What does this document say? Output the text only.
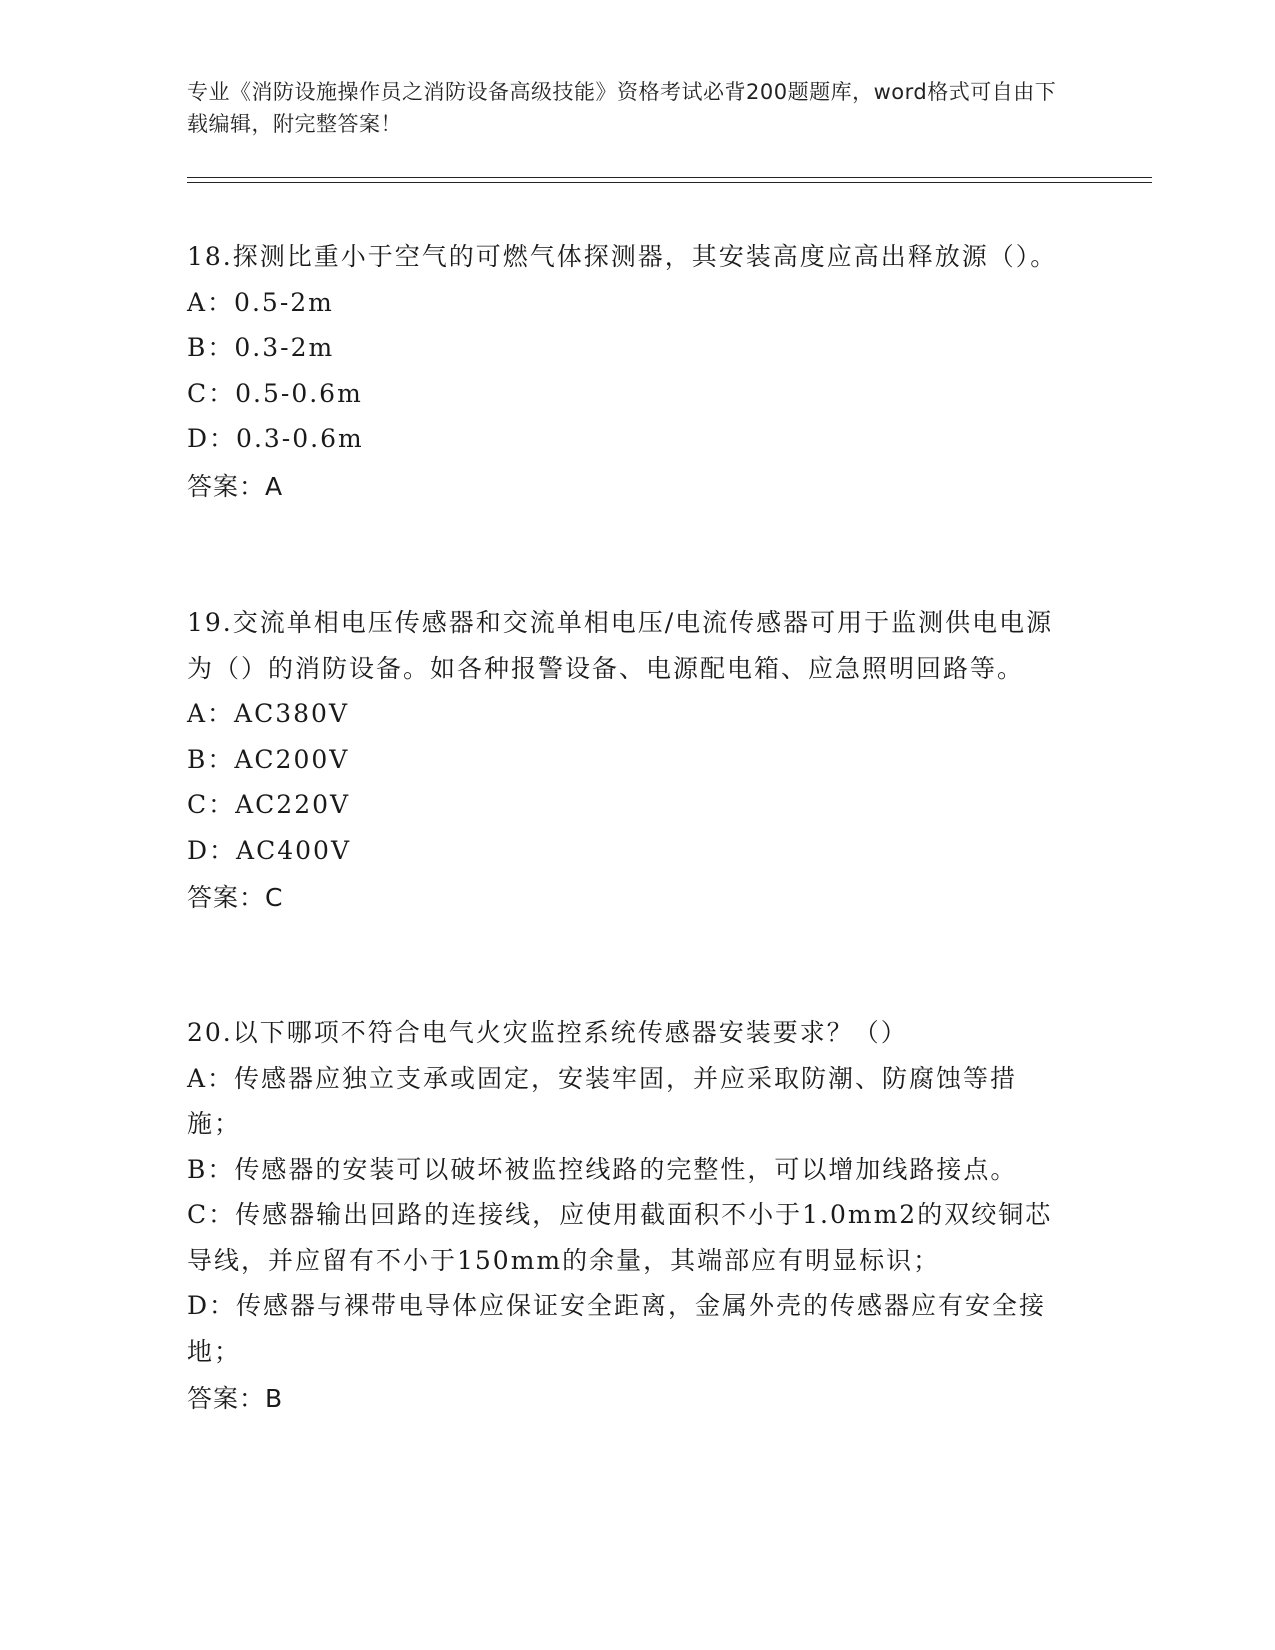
专业《消防设施操作员之消防设备高级技能》资格考试必背200题题库，word格式可自由下载编辑，附完整答案！
18.探测比重小于空气的可燃气体探测器，其安装高度应高出释放源（）。
A：0.5-2m
B：0.3-2m
C：0.5-0.6m
D：0.3-0.6m
答案：A
19.交流单相电压传感器和交流单相电压/电流传感器可用于监测供电电源为（）的消防设备。如各种报警设备、电源配电箱、应急照明回路等。
A：AC380V
B：AC200V
C：AC220V
D：AC400V
答案：C
20.以下哪项不符合电气火灾监控系统传感器安装要求？（）
A：传感器应独立支承或固定，安装牢固，并应采取防潮、防腐蚀等措施；
B：传感器的安装可以破坏被监控线路的完整性，可以增加线路接点。
C：传感器输出回路的连接线，应使用截面积不小于1.0mm2的双绞铜芯导线，并应留有不小于150mm的余量，其端部应有明显标识；
D：传感器与裸带电导体应保证安全距离，金属外壳的传感器应有安全接地；
答案：B
